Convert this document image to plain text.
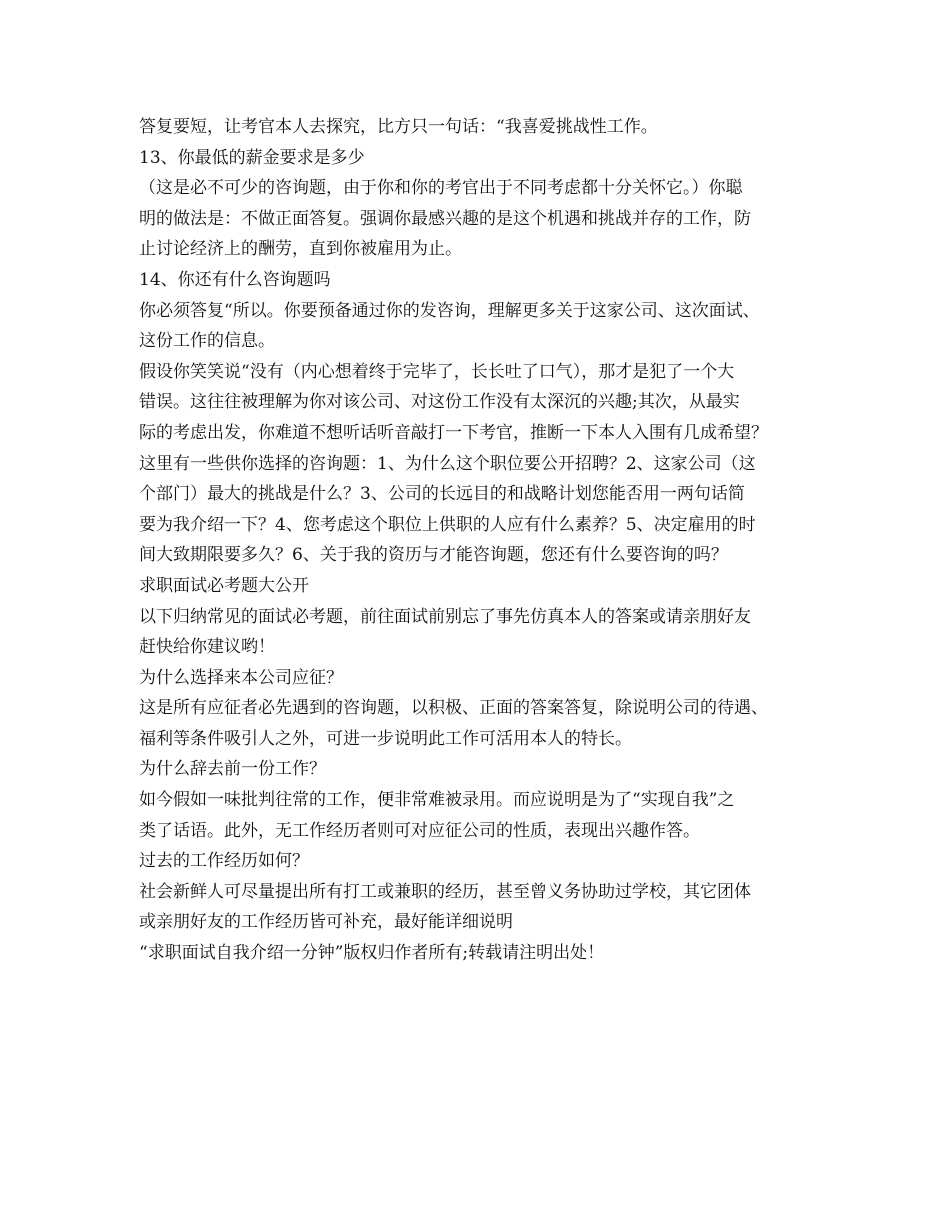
答复要短，让考官本人去探究，比方只一句话：“我喜爱挑战性工作。

13、你最低的薪金要求是多少

（这是必不可少的咨询题，由于你和你的考官出于不同考虑都十分关怀它。）你聪

明的做法是：不做正面答复。强调你最感兴趣的是这个机遇和挑战并存的工作，防

止讨论经济上的酬劳，直到你被雇用为止。

14、你还有什么咨询题吗

你必须答复“所以。你要预备通过你的发咨询，理解更多关于这家公司、这次面试、

这份工作的信息。

假设你笑笑说“没有（内心想着终于完毕了，长长吐了口气），那才是犯了一个大

错误。这往往被理解为你对该公司、对这份工作没有太深沉的兴趣;其次，从最实

际的考虑出发，你难道不想听话听音敲打一下考官，推断一下本人入围有几成希望？

这里有一些供你选择的咨询题：1、为什么这个职位要公开招聘？2、这家公司（这

个部门）最大的挑战是什么？3、公司的长远目的和战略计划您能否用一两句话简

要为我介绍一下？4、您考虑这个职位上供职的人应有什么素养？5、决定雇用的时

间大致期限要多久？6、关于我的资历与才能咨询题，您还有什么要咨询的吗？

求职面试必考题大公开

以下归纳常见的面试必考题，前往面试前别忘了事先仿真本人的答案或请亲朋好友

赶快给你建议哟！

为什么选择来本公司应征？

这是所有应征者必先遇到的咨询题，以积极、正面的答案答复，除说明公司的待遇、

福利等条件吸引人之外，可进一步说明此工作可活用本人的特长。

为什么辞去前一份工作？

如今假如一味批判往常的工作，便非常难被录用。而应说明是为了“实现自我”之

类了话语。此外，无工作经历者则可对应征公司的性质，表现出兴趣作答。

过去的工作经历如何？

社会新鲜人可尽量提出所有打工或兼职的经历，甚至曾义务协助过学校，其它团体

或亲朋好友的工作经历皆可补充，最好能详细说明

“求职面试自我介绍一分钟”版权归作者所有;转载请注明出处！
